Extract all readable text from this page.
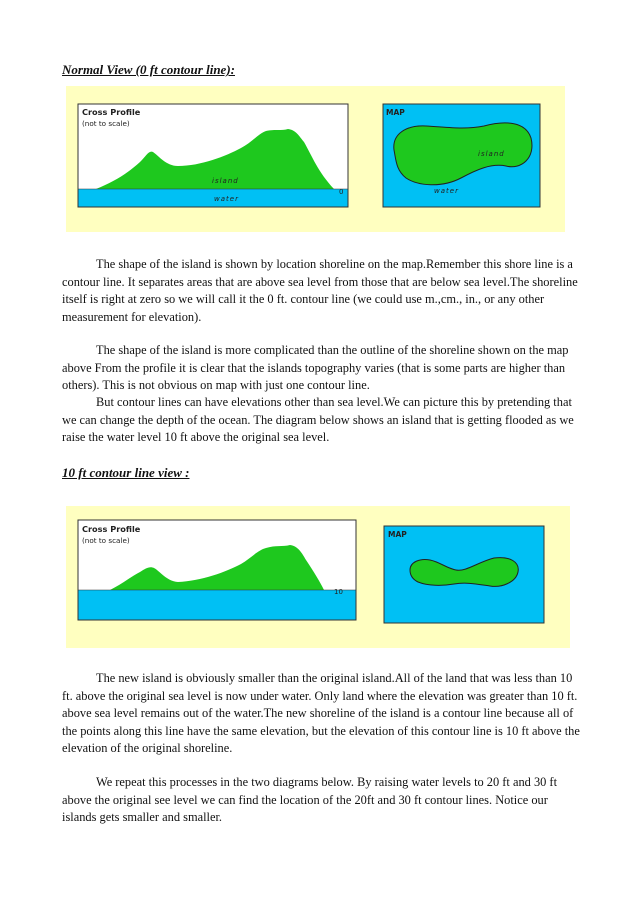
Normal View (0 ft contour line):
Cross Profile
(not to scale)
island
water
0
MAP
island
water

The shape of the island is shown by location shoreline on the map.Remember this shore line is a contour line. It separates areas that are above sea level from those that are below sea level.The shoreline itself is right at zero so we will call it the 0 ft. contour line (we could use m.,cm., in., or any other measurement for elevation).

The shape of the island is more complicated than the outline of the shoreline shown on the map above From the profile it is clear that the islands topography varies (that is some parts are higher than others). This is not obvious on map with just one contour line.

But contour lines can have elevations other than sea level.We can picture this by pretending that we can change the depth of the ocean. The diagram below shows an island that is getting flooded as we raise the water level 10 ft above the original sea level.

10 ft contour line view :
Cross Profile
(not to scale)
10
MAP

The new island is obviously smaller than the original island.All of the land that was less than 10 ft. above the original sea level is now under water. Only land where the elevation was greater than 10 ft. above sea level remains out of the water.The new shoreline of the island is a contour line because all of the points along this line have the same elevation, but the elevation of this contour line is 10 ft above the elevation of the original shoreline.

We repeat this processes in the two diagrams below. By raising water levels to 20 ft and 30 ft above the original see level we can find the location of the 20ft and 30 ft contour lines. Notice our islands gets smaller and smaller.
